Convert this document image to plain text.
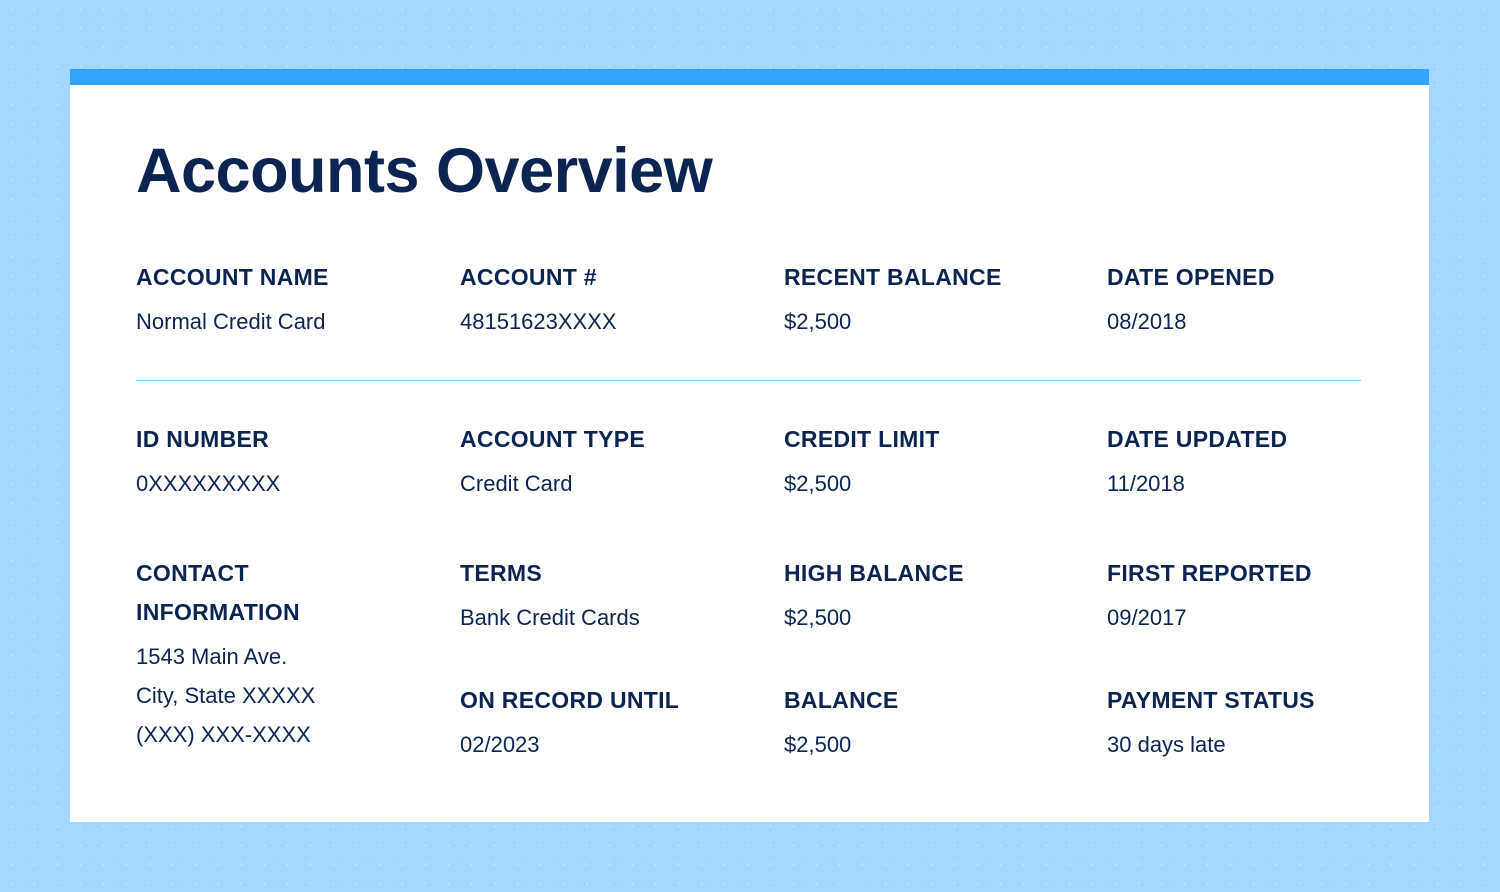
Accounts Overview
ACCOUNT NAME
Normal Credit Card
ACCOUNT #
48151623XXXX
RECENT BALANCE
$2,500
DATE OPENED
08/2018
ID NUMBER
0XXXXXXXXX
ACCOUNT TYPE
Credit Card
CREDIT LIMIT
$2,500
DATE UPDATED
11/2018
CONTACT
INFORMATION
1543 Main Ave.
City, State XXXXX
(XXX) XXX-XXXX
TERMS
Bank Credit Cards
HIGH BALANCE
$2,500
FIRST REPORTED
09/2017
ON RECORD UNTIL
02/2023
BALANCE
$2,500
PAYMENT STATUS
30 days late
